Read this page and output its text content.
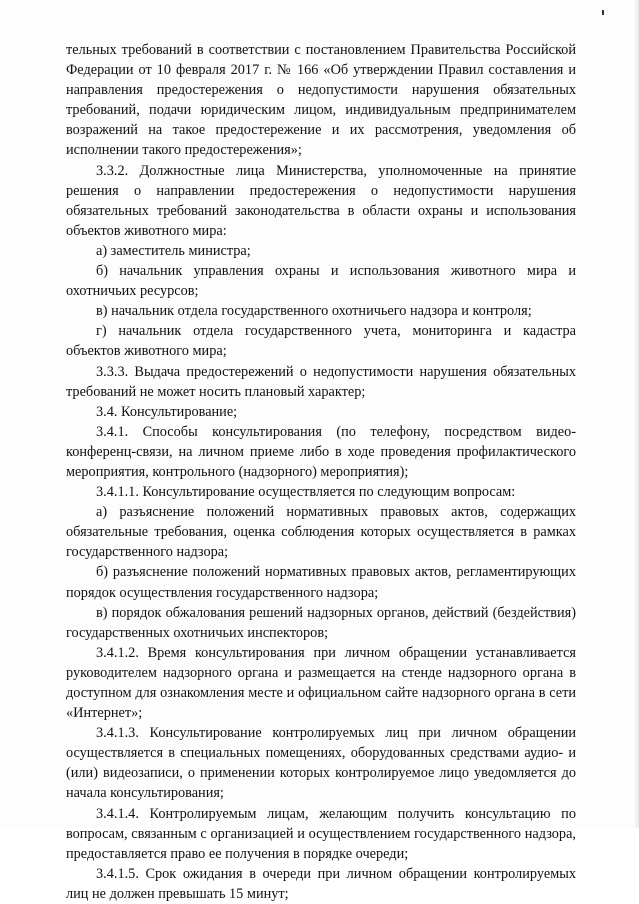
тельных требований в соответствии с постановлением Правительства Российской Федерации от 10 февраля 2017 г. № 166 «Об утверждении Правил составления и направления предостережения о недопустимости нарушения обязательных требований, подачи юридическим лицом, индивидуальным предпринимателем возражений на такое предостережение и их рассмотрения, уведомления об исполнении такого предостережения»;

3.3.2. Должностные лица Министерства, уполномоченные на принятие решения о направлении предостережения о недопустимости нарушения обязательных требований законодательства в области охраны и использования объектов животного мира:

а) заместитель министра;

б) начальник управления охраны и использования животного мира и охотничьих ресурсов;

в) начальник отдела государственного охотничьего надзора и контроля;

г) начальник отдела государственного учета, мониторинга и кадастра объектов животного мира;

3.3.3. Выдача предостережений о недопустимости нарушения обязательных требований не может носить плановый характер;

3.4. Консультирование;

3.4.1. Способы консультирования (по телефону, посредством видео-конференц-связи, на личном приеме либо в ходе проведения профилактического мероприятия, контрольного (надзорного) мероприятия);

3.4.1.1. Консультирование осуществляется по следующим вопросам:

а) разъяснение положений нормативных правовых актов, содержащих обязательные требования, оценка соблюдения которых осуществляется в рамках государственного надзора;

б) разъяснение положений нормативных правовых актов, регламентирующих порядок осуществления государственного надзора;

в) порядок обжалования решений надзорных органов, действий (бездействия) государственных охотничьих инспекторов;

3.4.1.2. Время консультирования при личном обращении устанавливается руководителем надзорного органа и размещается на стенде надзорного органа в доступном для ознакомления месте и официальном сайте надзорного органа в сети «Интернет»;

3.4.1.3. Консультирование контролируемых лиц при личном обращении осуществляется в специальных помещениях, оборудованных средствами аудио- и (или) видеозаписи, о применении которых контролируемое лицо уведомляется до начала консультирования;

3.4.1.4. Контролируемым лицам, желающим получить консультацию по вопросам, связанным с организацией и осуществлением государственного надзора, предоставляется право ее получения в порядке очереди;

3.4.1.5. Срок ожидания в очереди при личном обращении контролируемых лиц не должен превышать 15 минут;
